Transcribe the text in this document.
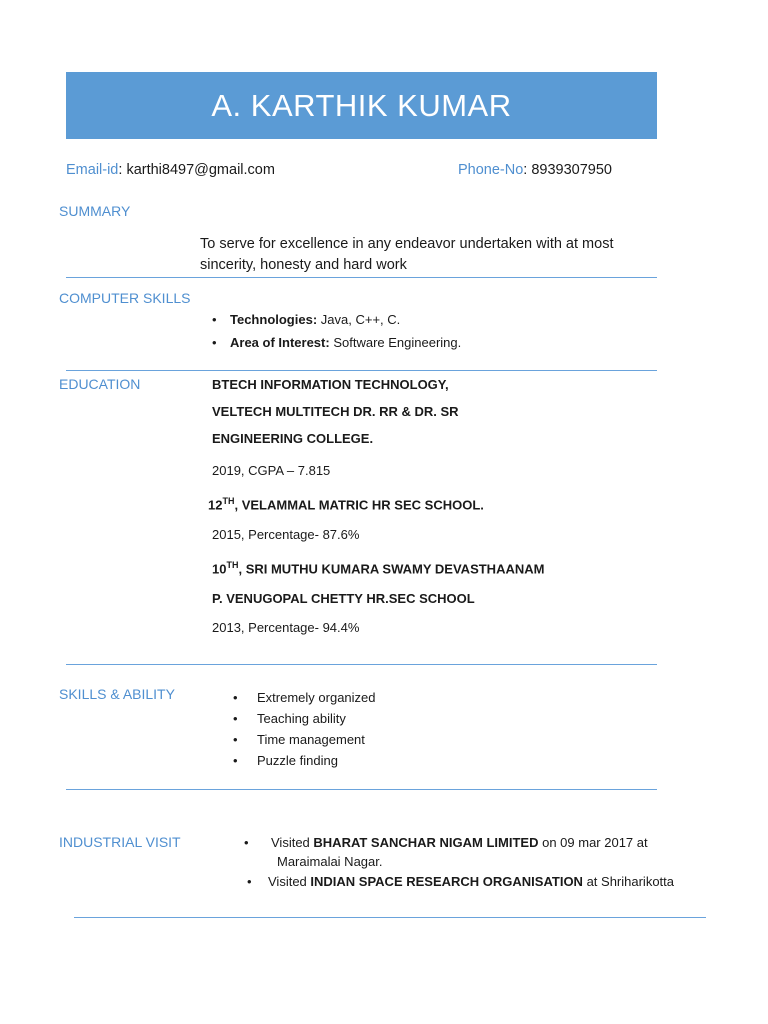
A. KARTHIK KUMAR
Email-id: karthi8497@gmail.com	Phone-No: 8939307950
SUMMARY
To serve for excellence in any endeavor undertaken with at most
sincerity, honesty and hard work
COMPUTER SKILLS
• Technologies: Java, C++, C.
• Area of Interest: Software Engineering.
EDUCATION	BTECH INFORMATION TECHNOLOGY,
VELTECH MULTITECH DR. RR & DR. SR
ENGINEERING COLLEGE.
2019, CGPA – 7.815
12TH, VELAMMAL MATRIC HR SEC SCHOOL.
2015, Percentage- 87.6%
10TH, SRI MUTHU KUMARA SWAMY DEVASTHAANAM
P. VENUGOPAL CHETTY HR.SEC SCHOOL
2013, Percentage- 94.4%
SKILLS & ABILITY	• Extremely organized
• Teaching ability
• Time management
• Puzzle finding
INDUSTRIAL VISIT	• Visited BHARAT SANCHAR NIGAM LIMITED on 09 mar 2017 at
Maraimalai Nagar.
• Visited INDIAN SPACE RESEARCH ORGANISATION at Shriharikotta
